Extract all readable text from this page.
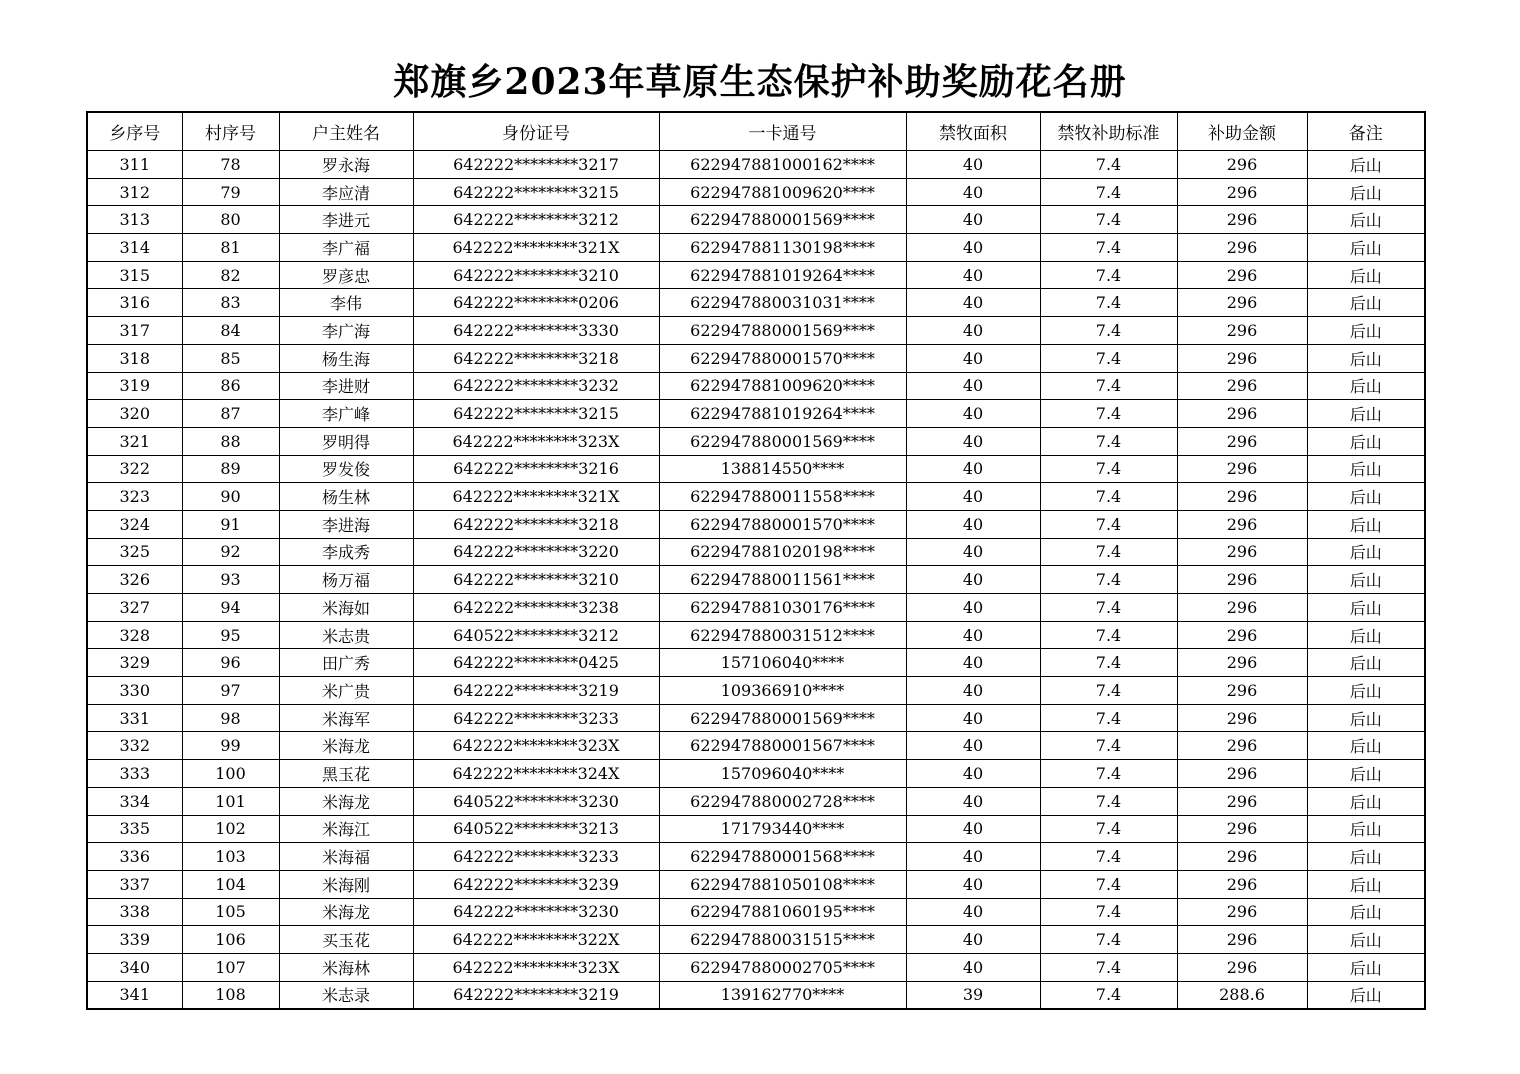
郑旗乡2023年草原生态保护补助奖励花名册
乡序号	村序号	户主姓名	身份证号	一卡通号	禁牧面积	禁牧补助标准	补助金额	备注
311	78	罗永海	642222********3217	622947881000162****	40	7.4	296	后山
312	79	李应清	642222********3215	622947881009620****	40	7.4	296	后山
313	80	李进元	642222********3212	622947880001569****	40	7.4	296	后山
314	81	李广福	642222********321X	622947881130198****	40	7.4	296	后山
315	82	罗彦忠	642222********3210	622947881019264****	40	7.4	296	后山
316	83	李伟	642222********0206	622947880031031****	40	7.4	296	后山
317	84	李广海	642222********3330	622947880001569****	40	7.4	296	后山
318	85	杨生海	642222********3218	622947880001570****	40	7.4	296	后山
319	86	李进财	642222********3232	622947881009620****	40	7.4	296	后山
320	87	李广峰	642222********3215	622947881019264****	40	7.4	296	后山
321	88	罗明得	642222********323X	622947880001569****	40	7.4	296	后山
322	89	罗发俊	642222********3216	138814550****	40	7.4	296	后山
323	90	杨生林	642222********321X	622947880011558****	40	7.4	296	后山
324	91	李进海	642222********3218	622947880001570****	40	7.4	296	后山
325	92	李成秀	642222********3220	622947881020198****	40	7.4	296	后山
326	93	杨万福	642222********3210	622947880011561****	40	7.4	296	后山
327	94	米海如	642222********3238	622947881030176****	40	7.4	296	后山
328	95	米志贵	640522********3212	622947880031512****	40	7.4	296	后山
329	96	田广秀	642222********0425	157106040****	40	7.4	296	后山
330	97	米广贵	642222********3219	109366910****	40	7.4	296	后山
331	98	米海军	642222********3233	622947880001569****	40	7.4	296	后山
332	99	米海龙	642222********323X	622947880001567****	40	7.4	296	后山
333	100	黑玉花	642222********324X	157096040****	40	7.4	296	后山
334	101	米海龙	640522********3230	622947880002728****	40	7.4	296	后山
335	102	米海江	640522********3213	171793440****	40	7.4	296	后山
336	103	米海福	642222********3233	622947880001568****	40	7.4	296	后山
337	104	米海刚	642222********3239	622947881050108****	40	7.4	296	后山
338	105	米海龙	642222********3230	622947881060195****	40	7.4	296	后山
339	106	买玉花	642222********322X	622947880031515****	40	7.4	296	后山
340	107	米海林	642222********323X	622947880002705****	40	7.4	296	后山
341	108	米志录	642222********3219	139162770****	39	7.4	288.6	后山
